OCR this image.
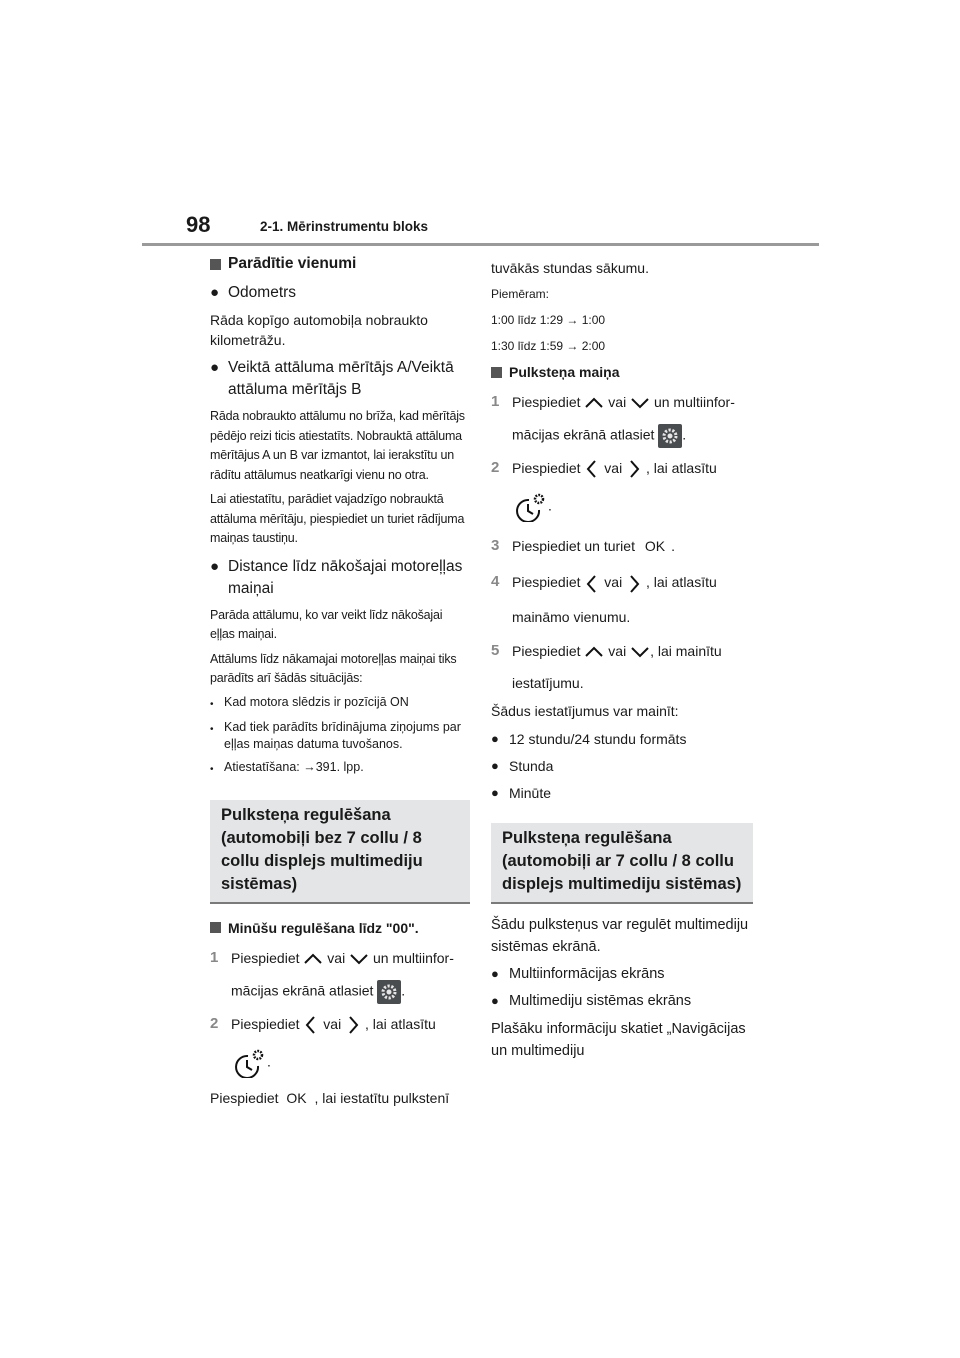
98	2-1. Mērinstrumentu bloks
Parādītie vienumi
● Odometrs
Rāda kopīgo automobiļa nobraukto kilometrāžu.
● Veiktā attāluma mērītājs A/Veiktā attāluma mērītājs B
Rāda nobraukto attālumu no brīža, kad mērītājs pēdējo reizi ticis atiestatīts. Nobrauktā attāluma mērītājus A un B var izmantot, lai ierakstītu un rādītu attālumus neatkarīgi vienu no otra.
Lai atiestatītu, parādiet vajadzīgo nobrauktā attāluma mērītāju, piespiediet un turiet rādījuma maiņas taustiņu.
● Distance līdz nākošajai motoreļļas maiņai
Parāda attālumu, ko var veikt līdz nākošajai eļļas maiņai.
Attālums līdz nākamajai motoreļļas maiņai tiks parādīts arī šādās situācijās:
• Kad motora slēdzis ir pozīcijā ON
• Kad tiek parādīts brīdinājuma ziņojums par eļļas maiņas datuma tuvošanos.
• Atiestatīšana: →391. lpp.
Pulksteņa regulēšana (automobiļi bez 7 collu / 8 collu displejs multimediju sistēmas)
Minūšu regulēšana līdz "00".
1 Piespiediet vai un multiinfor-
mācijas ekrānā atlasiet .
2 Piespiediet vai , lai atlasītu
.
Piespiediet OK , lai iestatītu pulkstenī
tuvākās stundas sākumu.
Piemēram:
1:00 līdz 1:29 → 1:00
1:30 līdz 1:59 → 2:00
Pulksteņa maiņa
1 Piespiediet vai un multiinfor-
mācijas ekrānā atlasiet .
2 Piespiediet vai , lai atlasītu
.
3 Piespiediet un turiet OK .
4 Piespiediet vai , lai atlasītu
maināmo vienumu.
5 Piespiediet vai , lai mainītu
iestatījumu.
Šādus iestatījumus var mainīt:
● 12 stundu/24 stundu formāts
● Stunda
● Minūte
Pulksteņa regulēšana (automobiļi ar 7 collu / 8 collu displejs multimediju sistēmas)
Šādu pulksteņus var regulēt multimediju sistēmas ekrānā.
● Multiinformācijas ekrāns
● Multimediju sistēmas ekrāns
Plašāku informāciju skatiet „Navigācijas un multimediju
